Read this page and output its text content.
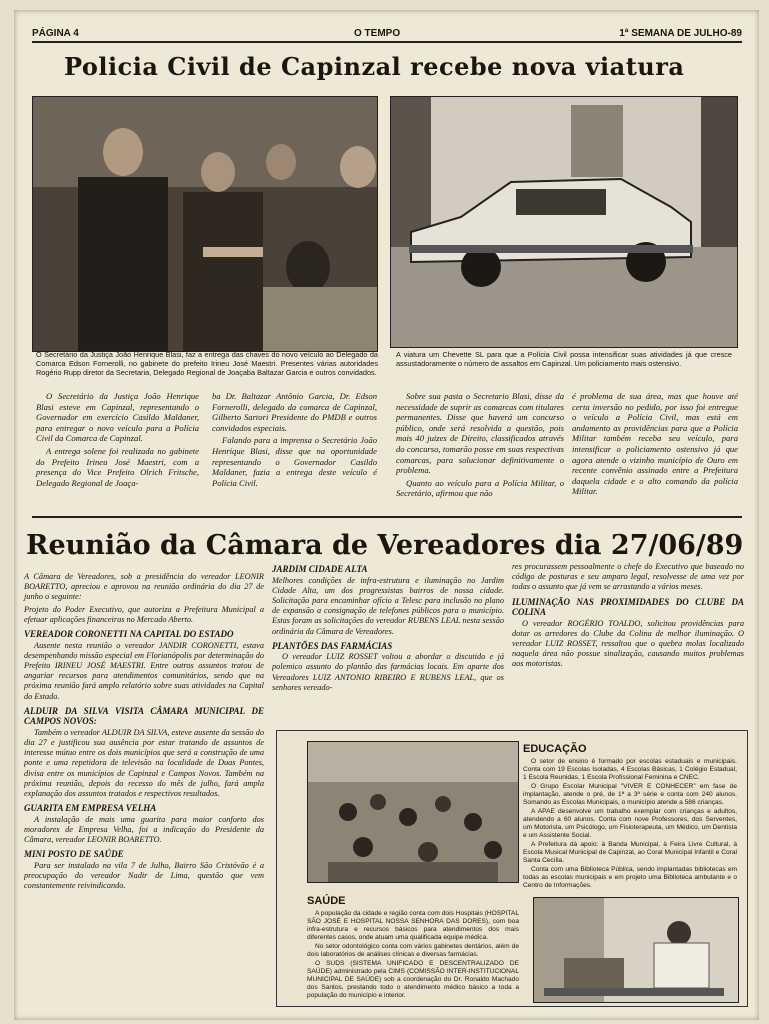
PÁGINA 4	O TEMPO	1ª SEMANA DE JULHO-89
Policia Civil de Capinzal recebe nova viatura
O Secretário da Justiça João Henrique Blasi, faz a entrega das chaves do novo veículo ao Delegado da Comarca Edson Fornerolli, no gabinete do prefeito Irineu José Maestri. Presentes várias autoridades Rogério Rupp diretor da Secretaria, Delegado Regional de Joaçaba Baltazar Garcia e outros convidados.
A viatura um Chevette SL para que a Polícia Civil possa intensificar suas atividades já que cresce assustadoramente o número de assaltos em Capinzal. Um policiamento mais ostensivo.

O Secretário da Justiça João Henrique Blasi esteve em Capinzal, representando o Governador em exercício Casildo Maldaner, para entregar o novo veículo para a Polícia Civil da Comarca de Capinzal.

A entrega solene foi realizada no gabinete do Prefeito Irineu José Maestri, com a presença do Vice Prefeito Olrich Fritsche, Delegado Regional de Joaça-

ba Dr. Baltazar Antônio Garcia, Dr. Edson Fornerolli, delegado da comarca de Capinzal, Gilberto Sartori Presidente do PMDB e outros convidados especiais.

Falando para a imprensa o Secretário João Henrique Blasi, disse que na oportunidade representando o Governador Casildo Maldaner, fazia a entrega deste veículo é Polícia Civil.

Sobre sua pasta o Secretario Blasi, disse da necessidade de suprir as comarcas com titulares permanentes. Disse que haverá um concurso público, onde será resolvida a questão, pois mais 40 juizes de Direito, classificados através do concurso, tomarão posse em suas respectivas comarcas, para solucionar definitivamente o problema.

Quanto ao veículo para a Polícia Militar, o Secretário, afirmou que não

é problema de sua área, mas que houve até certa inversão no pedido, por isso foi entregue o veículo a Polícia Civil, mas está em andamento as providências para que a Polícia Militar também receba seu veículo, para intensificar o policiamento ostensivo já que agora atende o vizinho município de Ouro em recente convênio assinado entre a Prefeitura daquela cidade e o alto comando da polícia Militar.

Reunião da Câmara de Vereadores dia 27/06/89

A Câmara de Vereadores, sob a presidência do vereador LEONIR BOARETTO, apreciou e aprovou na reunião ordinária do dia 27 de junho o seguinte:

Projeto do Poder Executivo, que autoriza a Prefeitura Municipal a efetuar aplicações financeiras no Mercado Aberto.

VEREADOR CORONETTI NA CAPITAL DO ESTADO

Ausente nesta reunião o vereador JANDIR CORONETTI, estava desempenhando missão especial em Florianópolis por determinação do Prefeito IRINEU JOSÉ MAESTRI. Entre outros assuntos tratou de angariar recursos para atendimentos comunitários, sendo que na próxima reunião fará amplo relatório sobre suas atividades na Capital do Estado.

ALDUIR DA SILVA VISITA CÂMARA MUNICIPAL DE CAMPOS NOVOS:

Também o vereador ALDUIR DA SILVA, esteve ausente da sessão do dia 27 e justificou sua ausência por estar tratando de assuntos de interesse mútuo entre os dois municípios que será a construção de uma ponte e uma repetidora de televisão na localidade de Duas Pontes, divisa entre os municípios de Capinzal e Campos Novos. Também na próxima reunião, depois do recesso do mês de julho, fará ampla explanação dos assuntos tratados e respectivos resultados.

GUARITA EM EMPRESA VELHA

A instalação de mais uma guarita para maior conforto dos moradores de Empresa Velha, foi a indicação do Presidente da Câmara, vereador LEONIR BOARETTO.

MINI POSTO DE SAÚDE

Para ser instalado na vila 7 de Julho, Bairro São Cristóvão é a preocupação do vereador Nadir de Lima, questão que vem constantemente reivindicando.

JARDIM CIDADE ALTA

Melhores condições de infra-estrutura e iluminação no Jardim Cidade Alta, um dos progressistas bairros de nossa cidade. Solicitação para encaminhar ofício a Telesc para inclusão no plano de expansão a consignação de telefones públicos para o município. Estas foram as solicitações do vereador RUBENS LEAL nesta sessão ordinária da Câmara de Vereadores.

PLANTÕES DAS FARMÁCIAS

O vereador LUIZ ROSSET voltou a abordar o discutido e já polemico assunto do plantão das farmácias locais. Em aparte dos Vereadores LUIZ ANTONIO RIBEIRO E RUBENS LEAL, que os senhores vereado-

res procurassem pessoalmente o chefe do Executivo que baseado no código de posturas e seu amparo legal, resolvesse de uma vez por todas o assunto que já vem se arrastando a vários meses.

ILUMINAÇÃO NAS PROXIMIDADES DO CLUBE DA COLINA

O vereador ROGÉRIO TOALDO, solicitou providências para dotar os arredores do Clube da Colina de melhor iluminação. O vereador LUIZ ROSSET, ressaltou que o quebra molas localizado naquela área não possue sinalização, causando muitos problemas aos motoristas.

EDUCAÇÃO

O setor de ensino é formado por escolas estaduais e municipais. Conta com 19 Escolas Isoladas, 4 Escolas Básicas, 1 Colégio Estadual, 1 Escola Reunidas, 1 Escola Profissional Feminina e CNEC.

O Grupo Escolar Municipal "VIVER E CONHECER" em fase de implantação, atende o pré, de 1ª a 3ª série e conta com 240 alunos. Somando as Escolas Municipais, o município atende a 586 crianças.

A APAE desenvolve um trabalho exemplar com crianças e adultos, atendendo a 60 alunos. Conta com nove Professores, dos Serventes, um Motorista, um Psicólogo, um Fisioterapeuta, um Médico, um Dentista e um Assistente Social.

A Prefeitura dá apoio: à Banda Municipal, à Feira Livre Cultural, à Escola Musical Municipal de Capinzal, ao Coral Municipal Infantil e Coral Santa Cecília.

Conta com uma Biblioteca Pública, sendo implantadas bibliotecas em todas as escolas municipais e em projeto uma Biblioteca ambulante e o Centro de Informações.

SAÚDE

A população da cidade e região conta com dois Hospitais (HOSPITAL SÃO JOSÉ E HOSPITAL NOSSA SENHORA DAS DORES), com boa infra-estrutura e recursos básicos para atendimentos dos mais diferentes casos, onde atuam uma qualificada equipe médica.

No setor odontológico conta com vários gabinetes dentários, além de dois laboratórios de análises clínicas e diversas farmácias.

O SUDS (SISTEMA UNIFICADO E DESCENTRALIZADO DE SAÚDE) administrado pela CIMS (COMISSÃO INTER-INSTITUCIONAL MUNICIPAL DE SAÚDE) sob a coordenação do Dr. Ronaldo Machado dos Santos, prestando todo o atendimento médico básico a toda a população do município e interior.
